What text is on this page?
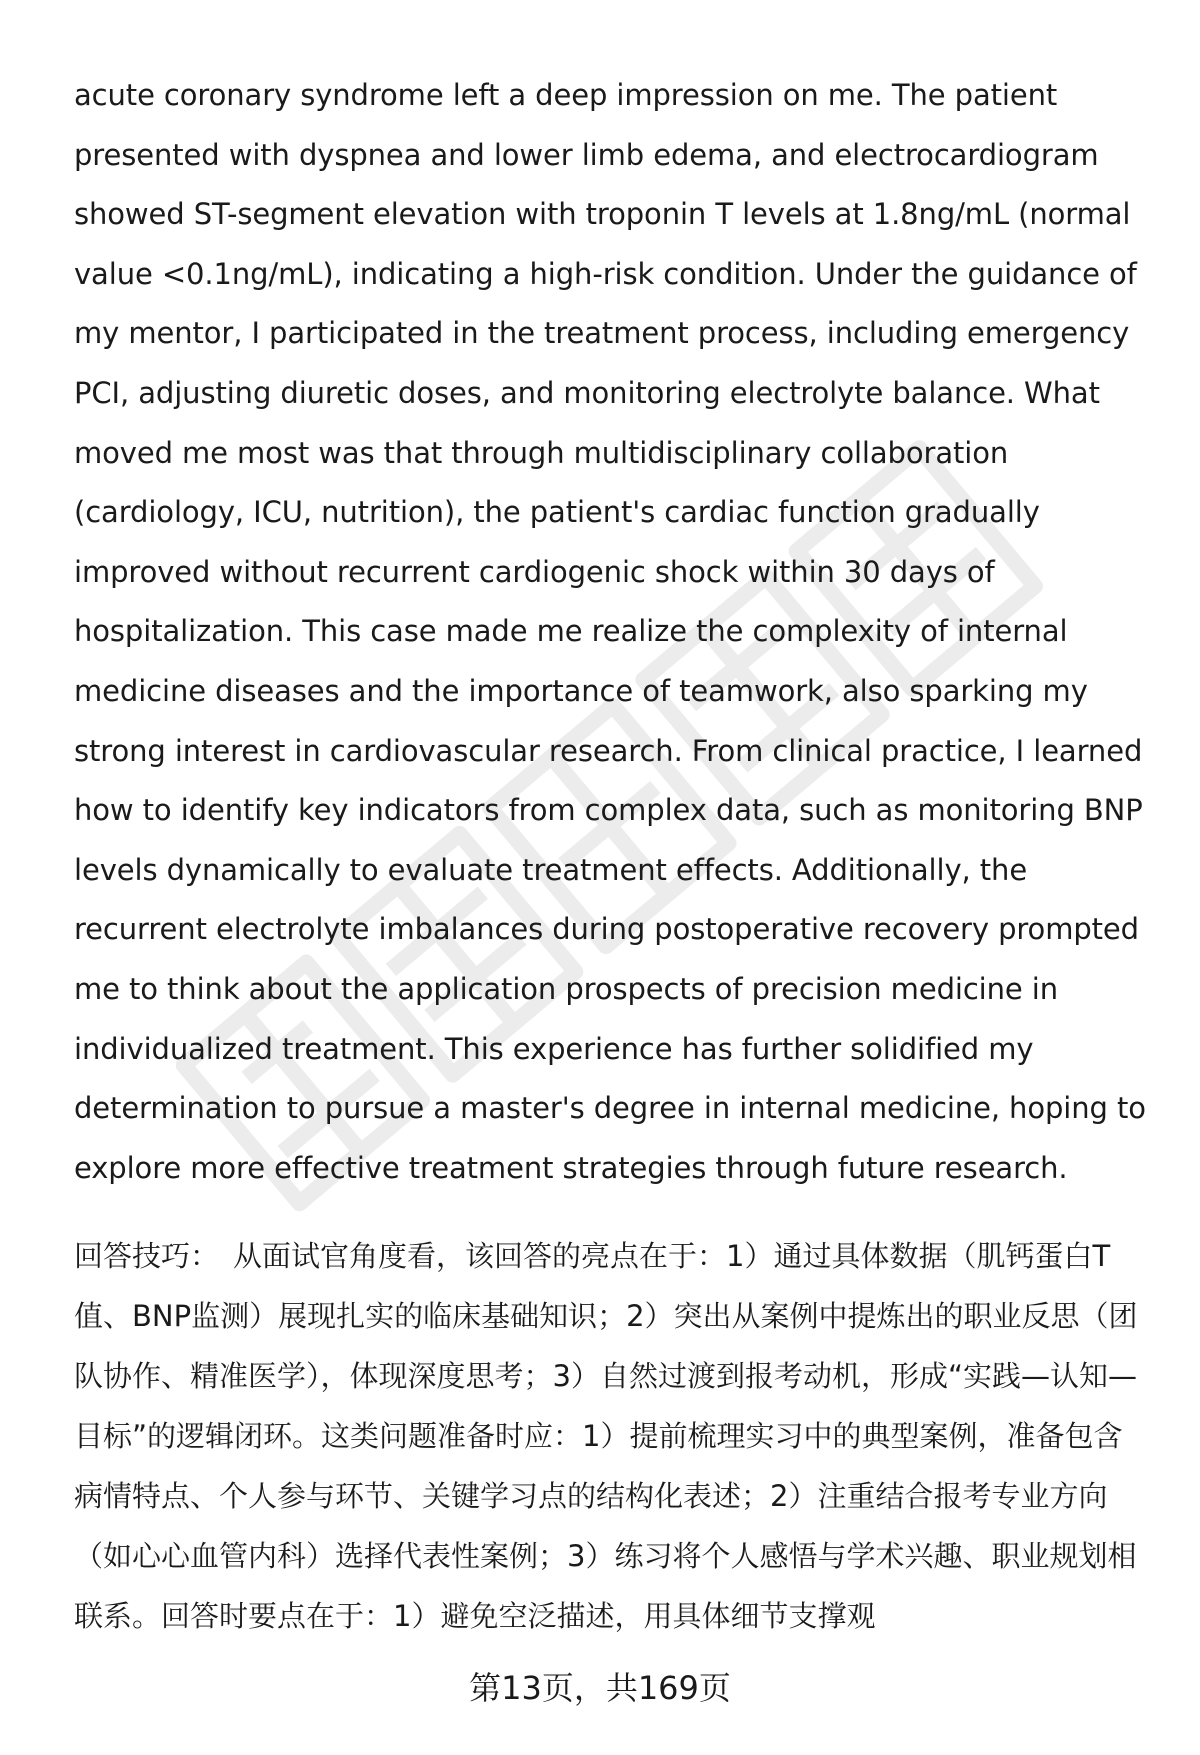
acute coronary syndrome left a deep impression on me. The patient presented with dyspnea and lower limb edema, and electrocardiogram showed ST-segment elevation with troponin T levels at 1.8ng/mL (normal value <0.1ng/mL), indicating a high-risk condition. Under the guidance of my mentor, I participated in the treatment process, including emergency PCI, adjusting diuretic doses, and monitoring electrolyte balance. What moved me most was that through multidisciplinary collaboration (cardiology, ICU, nutrition), the patient's cardiac function gradually improved without recurrent cardiogenic shock within 30 days of hospitalization. This case made me realize the complexity of internal medicine diseases and the importance of teamwork, also sparking my strong interest in cardiovascular research. From clinical practice, I learned how to identify key indicators from complex data, such as monitoring BNP levels dynamically to evaluate treatment effects. Additionally, the recurrent electrolyte imbalances during postoperative recovery prompted me to think about the application prospects of precision medicine in individualized treatment. This experience has further solidified my determination to pursue a master's degree in internal medicine, hoping to explore more effective treatment strategies through future research.

回答技巧： 从面试官角度看，该回答的亮点在于：1）通过具体数据（肌钙蛋白T值、BNP监测）展现扎实的临床基础知识；2）突出从案例中提炼出的职业反思（团队协作、精准医学），体现深度思考；3）自然过渡到报考动机，形成“实践—认知—目标”的逻辑闭环。这类问题准备时应：1）提前梳理实习中的典型案例，准备包含病情特点、个人参与环节、关键学习点的结构化表述；2）注重结合报考专业方向（如心心血管内科）选择代表性案例；3）练习将个人感悟与学术兴趣、职业规划相联系。回答时要点在于：1）避免空泛描述，用具体细节支撑观

第13页，共169页
